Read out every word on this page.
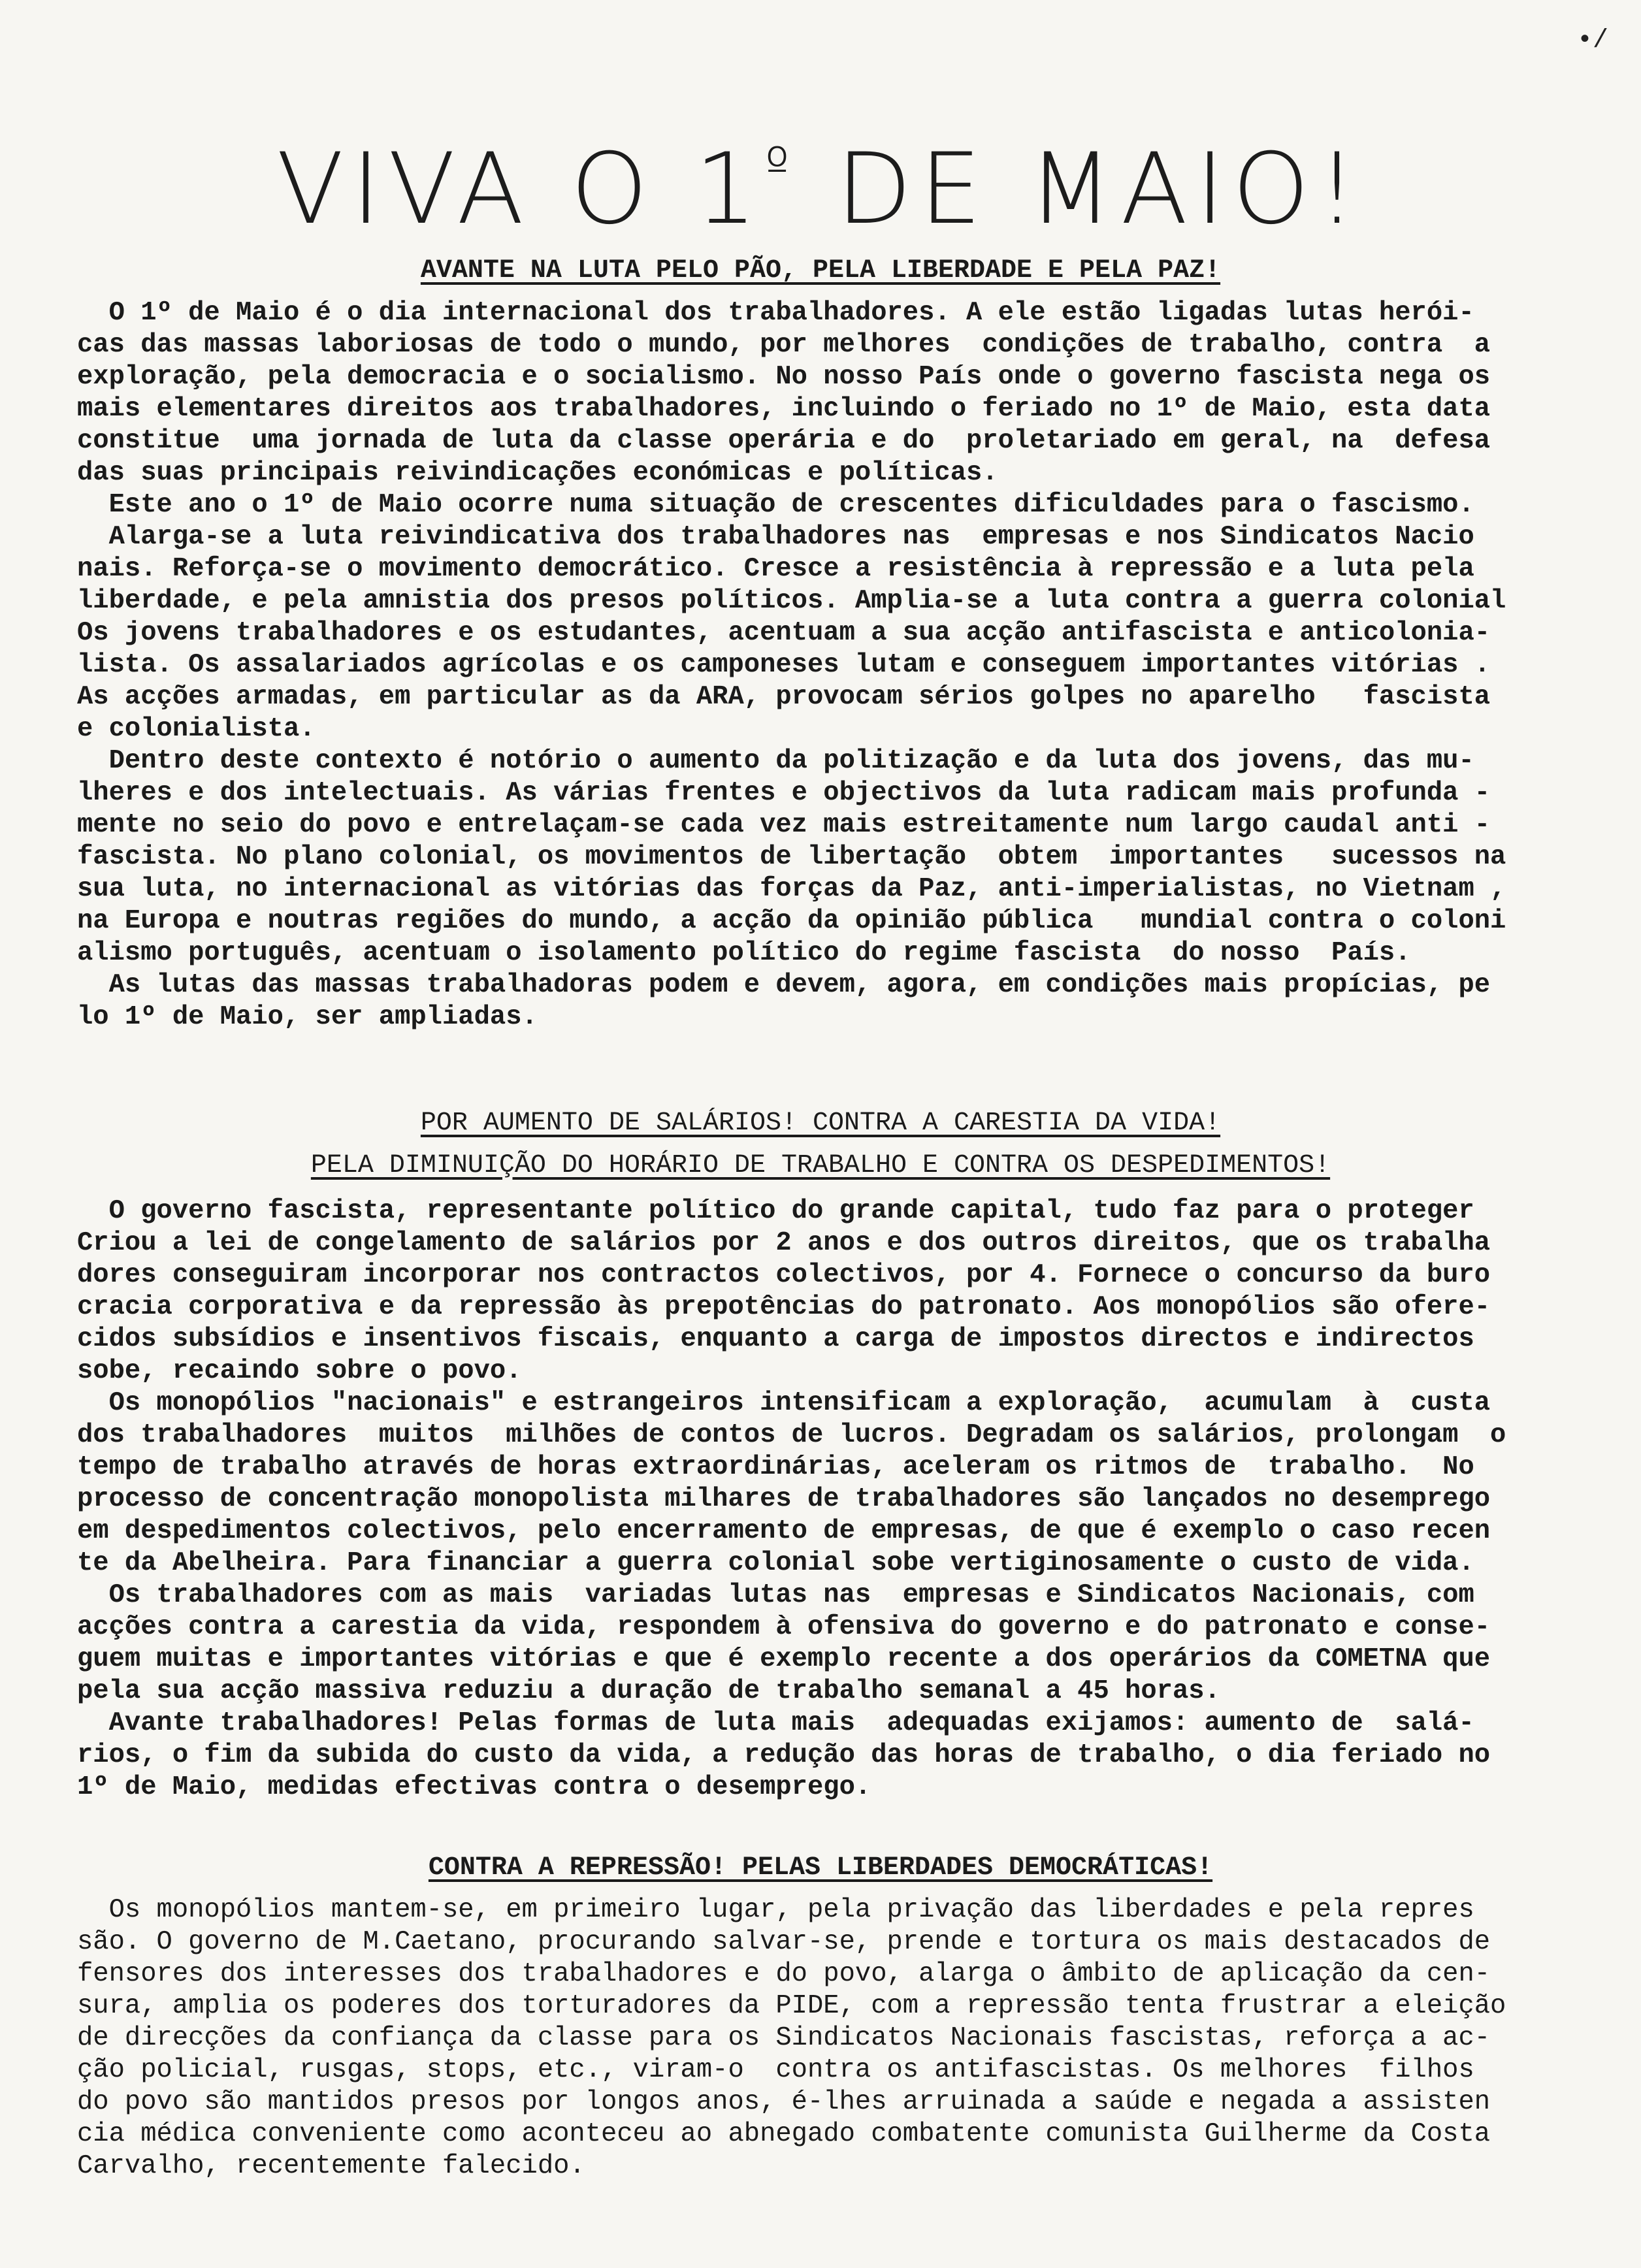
•/
VIVA O $1^º$ DE MAIO!
AVANTE NA LUTA PELO PÃO, PELA LIBERDADE E PELA PAZ!
O 1º de Maio é o dia internacional dos trabalhadores. A ele estão ligadas lutas herói-
cas das massas laboriosas de todo o mundo, por melhores  condições de trabalho, contra  a
exploração, pela democracia e o socialismo. No nosso País onde o governo fascista nega os
mais elementares direitos aos trabalhadores, incluindo o feriado no 1º de Maio, esta data
constitue  uma jornada de luta da classe operária e do  proletariado em geral, na  defesa
das suas principais reivindicações económicas e políticas.
Este ano o 1º de Maio ocorre numa situação de crescentes dificuldades para o fascismo.
Alarga-se a luta reivindicativa dos trabalhadores nas  empresas e nos Sindicatos Nacio
nais. Reforça-se o movimento democrático. Cresce a resistência à repressão e a luta pela
liberdade, e pela amnistia dos presos políticos. Amplia-se a luta contra a guerra colonial
Os jovens trabalhadores e os estudantes, acentuam a sua acção antifascista e anticolonia-
lista. Os assalariados agrícolas e os camponeses lutam e conseguem importantes vitórias .
As acções armadas, em particular as da ARA, provocam sérios golpes no aparelho   fascista
e colonialista.
Dentro deste contexto é notório o aumento da politização e da luta dos jovens, das mu-
lheres e dos intelectuais. As várias frentes e objectivos da luta radicam mais profunda -
mente no seio do povo e entrelaçam-se cada vez mais estreitamente num largo caudal anti -
fascista. No plano colonial, os movimentos de libertação  obtem  importantes   sucessos na
sua luta, no internacional as vitórias das forças da Paz, anti-imperialistas, no Vietnam ,
na Europa e noutras regiões do mundo, a acção da opinião pública   mundial contra o coloni
alismo português, acentuam o isolamento político do regime fascista  do nosso  País.
As lutas das massas trabalhadoras podem e devem, agora, em condições mais propícias, pe
lo 1º de Maio, ser ampliadas.
POR AUMENTO DE SALÁRIOS! CONTRA A CARESTIA DA VIDA!
PELA DIMINUIÇÃO DO HORÁRIO DE TRABALHO E CONTRA OS DESPEDIMENTOS!
O governo fascista, representante político do grande capital, tudo faz para o proteger
Criou a lei de congelamento de salários por 2 anos e dos outros direitos, que os trabalha
dores conseguiram incorporar nos contractos colectivos, por 4. Fornece o concurso da buro
cracia corporativa e da repressão às prepotências do patronato. Aos monopólios são ofere-
cidos subsídios e insentivos fiscais, enquanto a carga de impostos directos e indirectos
sobe, recaindo sobre o povo.
Os monopólios "nacionais" e estrangeiros intensificam a exploração,  acumulam  à  custa
dos trabalhadores  muitos  milhões de contos de lucros. Degradam os salários, prolongam  o
tempo de trabalho através de horas extraordinárias, aceleram os ritmos de  trabalho.  No
processo de concentração monopolista milhares de trabalhadores são lançados no desemprego
em despedimentos colectivos, pelo encerramento de empresas, de que é exemplo o caso recen
te da Abelheira. Para financiar a guerra colonial sobe vertiginosamente o custo de vida.
Os trabalhadores com as mais  variadas lutas nas  empresas e Sindicatos Nacionais, com
acções contra a carestia da vida, respondem à ofensiva do governo e do patronato e conse-
guem muitas e importantes vitórias e que é exemplo recente a dos operários da COMETNA que
pela sua acção massiva reduziu a duração de trabalho semanal a 45 horas.
Avante trabalhadores! Pelas formas de luta mais  adequadas exijamos: aumento de  salá-
rios, o fim da subida do custo da vida, a redução das horas de trabalho, o dia feriado no
1º de Maio, medidas efectivas contra o desemprego.
CONTRA A REPRESSÃO! PELAS LIBERDADES DEMOCRÁTICAS!
Os monopólios mantem-se, em primeiro lugar, pela privação das liberdades e pela repres
são. O governo de M.Caetano, procurando salvar-se, prende e tortura os mais destacados de
fensores dos interesses dos trabalhadores e do povo, alarga o âmbito de aplicação da cen-
sura, amplia os poderes dos torturadores da PIDE, com a repressão tenta frustrar a eleição
de direcções da confiança da classe para os Sindicatos Nacionais fascistas, reforça a ac-
ção policial, rusgas, stops, etc., viram-o  contra os antifascistas. Os melhores  filhos
do povo são mantidos presos por longos anos, é-lhes arruinada a saúde e negada a assisten
cia médica conveniente como aconteceu ao abnegado combatente comunista Guilherme da Costa
Carvalho, recentemente falecido.
